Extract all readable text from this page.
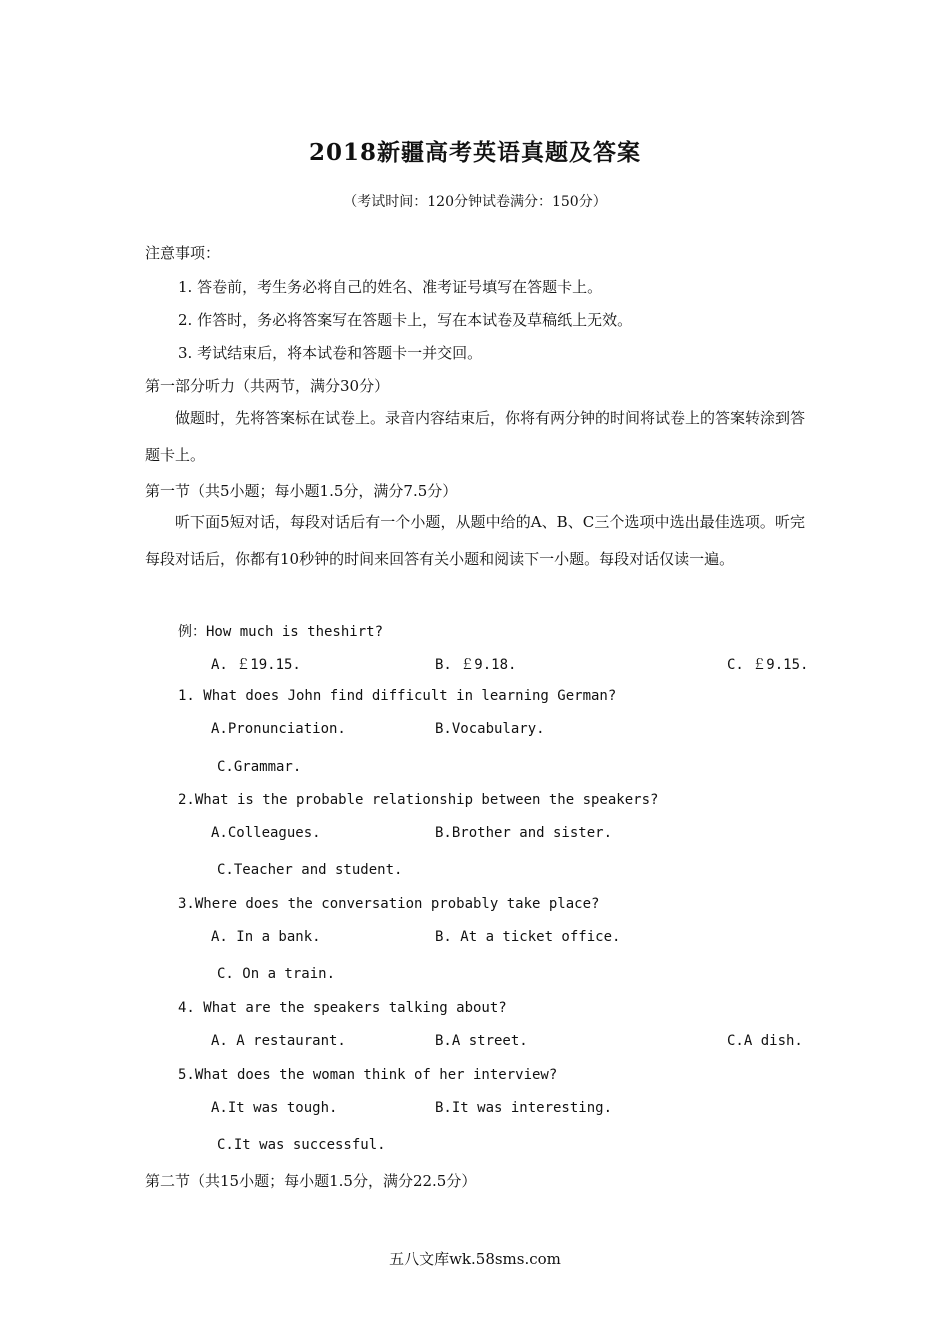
2018新疆高考英语真题及答案
（考试时间：120分钟试卷满分：150分）
注意事项：
1. 答卷前，考生务必将自己的姓名、准考证号填写在答题卡上。
2. 作答时，务必将答案写在答题卡上，写在本试卷及草稿纸上无效。
3. 考试结束后，将本试卷和答题卡一并交回。
第一部分听力（共两节，满分30分）
做题时，先将答案标在试卷上。录音内容结束后，你将有两分钟的时间将试卷上的答案转涂到答题卡上。
第一节（共5小题；每小题1.5分，满分7.5分）
听下面5短对话，每段对话后有一个小题，从题中给的A、B、C三个选项中选出最佳选项。听完每段对话后，你都有10秒钟的时间来回答有关小题和阅读下一小题。每段对话仅读一遍。
例：How much is theshirt?
A. ￡19.15.	B. ￡9.18.	C. ￡9.15.
1. What does John find difficult in learning German?
A.Pronunciation.	B.Vocabulary.
C.Grammar.
2.What is the probable relationship between the speakers?
A.Colleagues.	B.Brother and sister.
C.Teacher and student.
3.Where does the conversation probably take place?
A. In a bank.	B. At a ticket office.
C. On a train.
4. What are the speakers talking about?
A. A restaurant.	B.A street.	C.A dish.
5.What does the woman think of her interview?
A.It was tough.	B.It was interesting.
C.It was successful.
第二节（共15小题；每小题1.5分，满分22.5分）
五八文库wk.58sms.com
